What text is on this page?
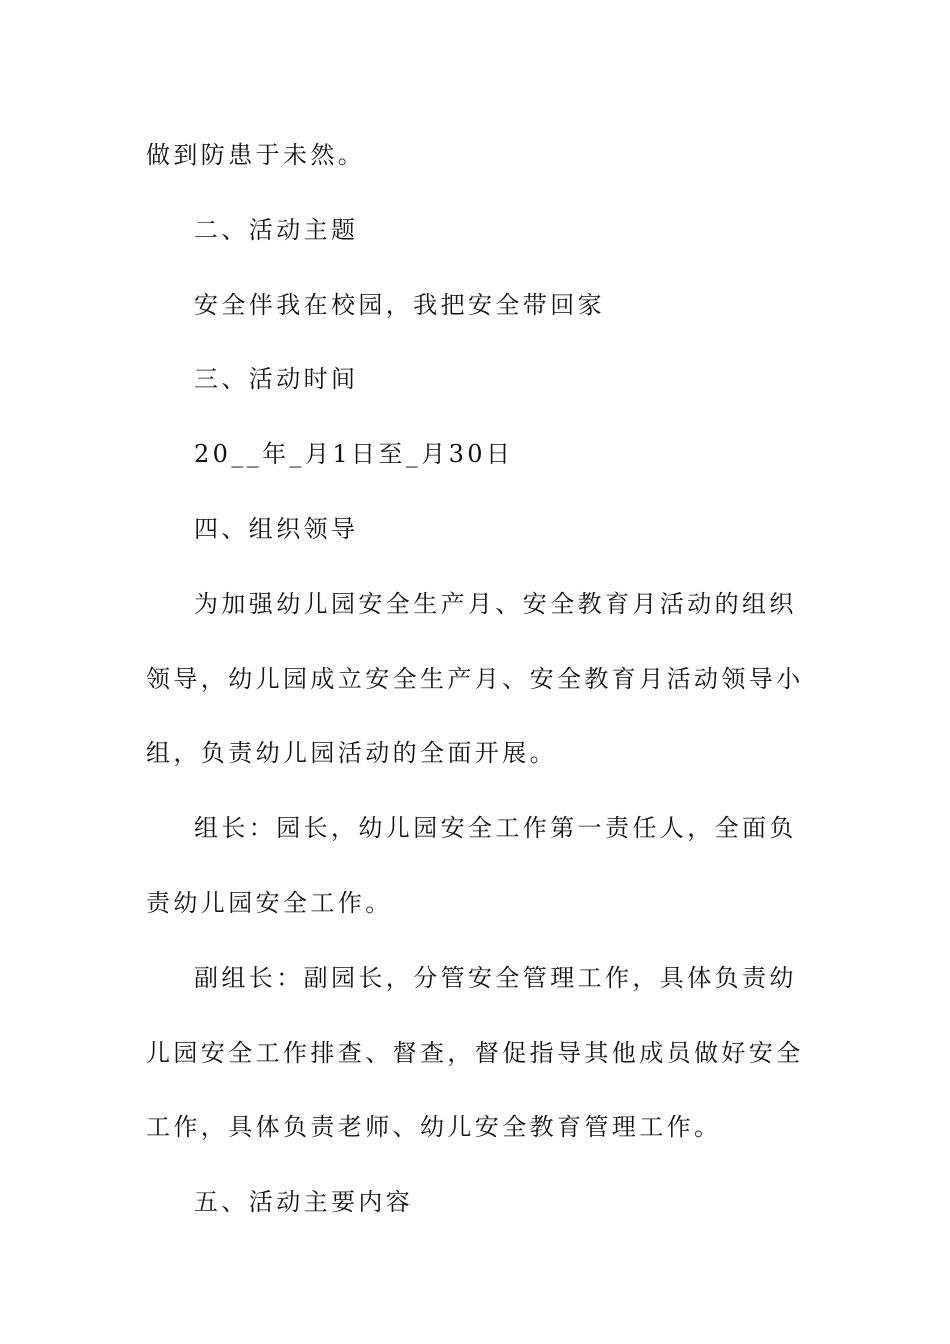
做到防患于未然。

二、活动主题

安全伴我在校园，我把安全带回家

三、活动时间

20__年_月1日至_月30日

四、组织领导

为加强幼儿园安全生产月、安全教育月活动的组织领导，幼儿园成立安全生产月、安全教育月活动领导小组，负责幼儿园活动的全面开展。

组长：园长，幼儿园安全工作第一责任人，全面负责幼儿园安全工作。

副组长：副园长，分管安全管理工作，具体负责幼儿园安全工作排查、督查，督促指导其他成员做好安全工作，具体负责老师、幼儿安全教育管理工作。

五、活动主要内容
